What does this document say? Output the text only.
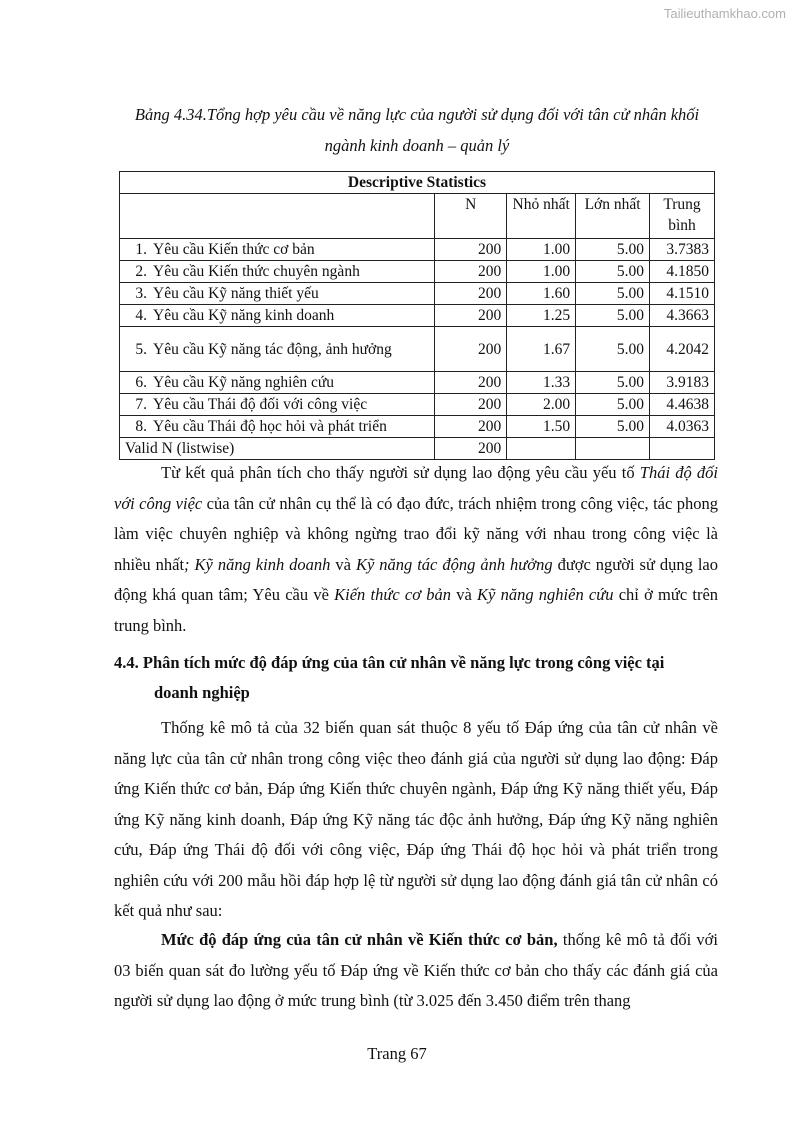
Tailieuthamkhao.com
Bảng 4.34.Tổng hợp yêu cầu về năng lực của người sử dụng đối với tân cử nhân khối
ngành kinh doanh – quản lý
Descriptive Statistics				
	N	Nhỏ nhất	Lớn nhất	Trung bình

1. Yêu cầu Kiến thức cơ bản	200	1.00	5.00	3.7383

2. Yêu cầu Kiến thức chuyên ngành	200	1.00	5.00	4.1850

3. Yêu cầu Kỹ năng thiết yếu	200	1.60	5.00	4.1510

4. Yêu cầu Kỹ năng kinh doanh	200	1.25	5.00	4.3663

5. Yêu cầu Kỹ năng tác động, ảnh hưởng	200	1.67	5.00	4.2042

6. Yêu cầu Kỹ năng nghiên cứu	200	1.33	5.00	3.9183

7. Yêu cầu Thái độ đối với công việc	200	2.00	5.00	4.4638

8. Yêu cầu Thái độ học hỏi và phát triển	200	1.50	5.00	4.0363
Valid N (listwise)	200			

Từ kết quả phân tích cho thấy người sử dụng lao động yêu cầu yếu tố Thái độ đối với công việc của tân cử nhân cụ thể là có đạo đức, trách nhiệm trong công việc, tác phong làm việc chuyên nghiệp và không ngừng trao đổi kỹ năng với nhau trong công việc là nhiều nhất; Kỹ năng kinh doanh và Kỹ năng tác động ảnh hưởng được người sử dụng lao động khá quan tâm; Yêu cầu về Kiến thức cơ bản và Kỹ năng nghiên cứu chỉ ở mức trên trung bình.

4.4. Phân tích mức độ đáp ứng của tân cử nhân về năng lực trong công việc tại
doanh nghiệp

Thống kê mô tả của 32 biến quan sát thuộc 8 yếu tố Đáp ứng của tân cử nhân về năng lực của tân cử nhân trong công việc theo đánh giá của người sử dụng lao động: Đáp ứng Kiến thức cơ bản, Đáp ứng Kiến thức chuyên ngành, Đáp ứng Kỹ năng thiết yếu, Đáp ứng Kỹ năng kinh doanh, Đáp ứng Kỹ năng tác độc ảnh hưởng, Đáp ứng Kỹ năng nghiên cứu, Đáp ứng Thái độ đối với công việc, Đáp ứng Thái độ học hỏi và phát triển trong nghiên cứu với 200 mẫu hồi đáp hợp lệ từ người sử dụng lao động đánh giá tân cử nhân có kết quả như sau:

Mức độ đáp ứng của tân cử nhân về Kiến thức cơ bản, thống kê mô tả đối với 03 biến quan sát đo lường yếu tố Đáp ứng về Kiến thức cơ bản cho thấy các đánh giá của người sử dụng lao động ở mức trung bình (từ 3.025 đến 3.450 điểm trên thang

Trang 67
